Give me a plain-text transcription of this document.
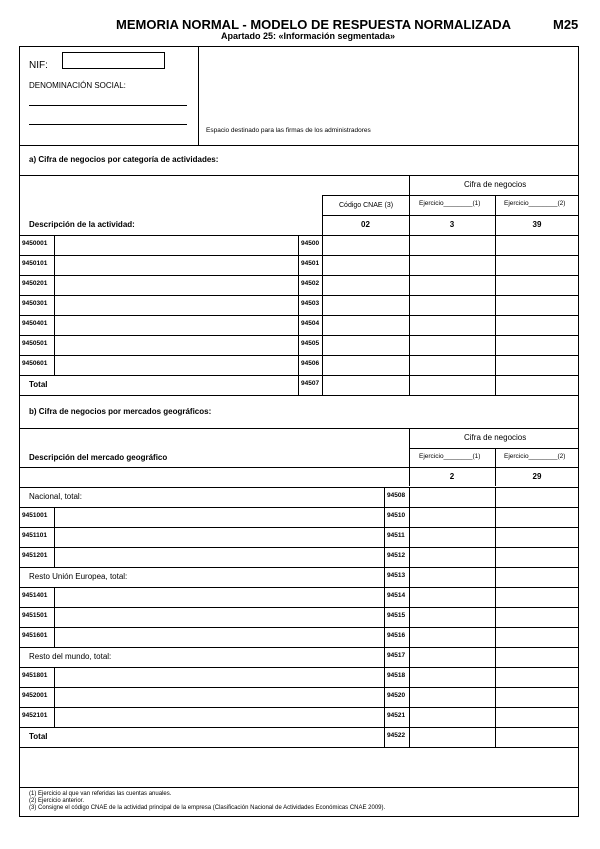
MEMORIA NORMAL - MODELO DE RESPUESTA NORMALIZADA
Apartado 25: «Información segmentada»
M25
NIF:
DENOMINACIÓN SOCIAL:
Espacio destinado para las firmas de los administradores
a) Cifra de negocios por categoría de actividades:
Cifra de negocios
Código CNAE (3)	Ejercicio________(1)	Ejercicio________(2)
Descripción de la actividad:	02	3	39
9450001	94500
9450101	94501
9450201	94502
9450301	94503
9450401	94504
9450501	94505
9450601	94506
Total	94507
b) Cifra de negocios por mercados geográficos:
Cifra de negocios
Descripción del mercado geográfico	Ejercicio________(1)	Ejercicio________(2)
2	29
Nacional, total:	94508
9451001	94510
9451101	94511
9451201	94512
Resto Unión Europea, total:	94513
9451401	94514
9451501	94515
9451601	94516
Resto del mundo, total:	94517
9451801	94518
9452001	94520
9452101	94521
Total	94522
(1) Ejercicio al que van referidas las cuentas anuales.
(2) Ejercicio anterior.
(3) Consigne el código CNAE de la actividad principal de la empresa (Clasificación Nacional de Actividades Económicas CNAE 2009).
